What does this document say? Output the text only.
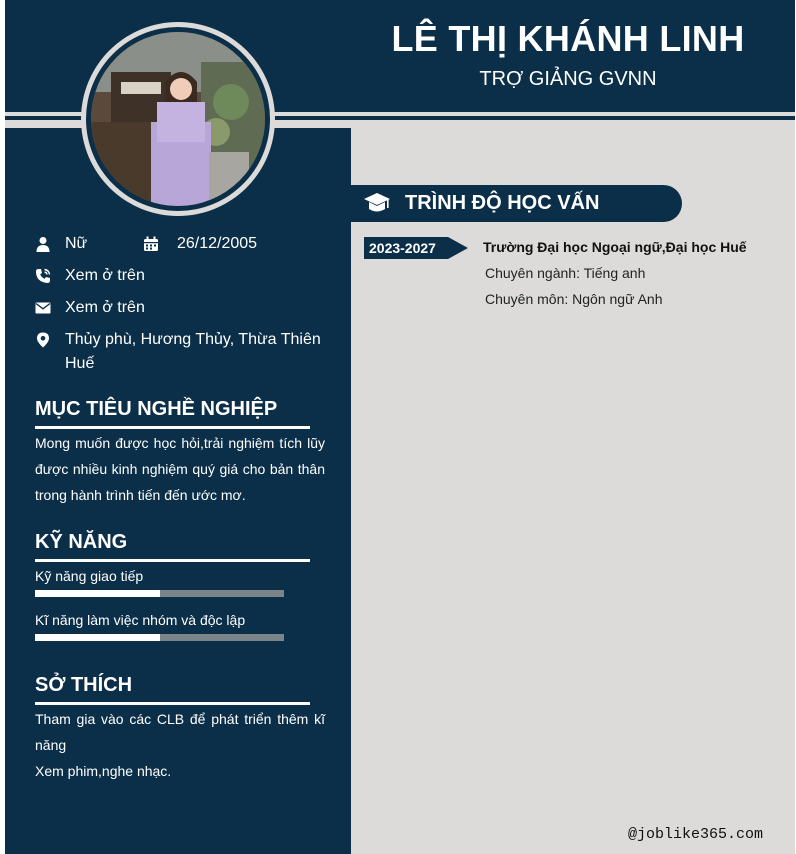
LÊ THỊ KHÁNH LINH
TRỢ GIẢNG GVNN
Nữ	26/12/2005
Xem ở trên
Xem ở trên
Thủy phù, Hương Thủy, Thừa Thiên
Huế
MỤC TIÊU NGHỀ NGHIỆP
Mong muốn được học hỏi,trải nghiệm tích lũy được nhiều kinh nghiệm quý giá cho bản thân trong hành trình tiến đến ước mơ.
KỸ NĂNG
Kỹ năng giao tiếp
Kĩ năng làm việc nhóm và độc lập
SỞ THÍCH
Tham gia vào các CLB để phát triển thêm kĩ năng
Xem phim,nghe nhạc.
TRÌNH ĐỘ HỌC VẤN
2023-2027	Trường Đại học Ngoại ngữ,Đại học Huế
Chuyên ngành: Tiếng anh
Chuyên môn: Ngôn ngữ Anh
@joblike365.com
